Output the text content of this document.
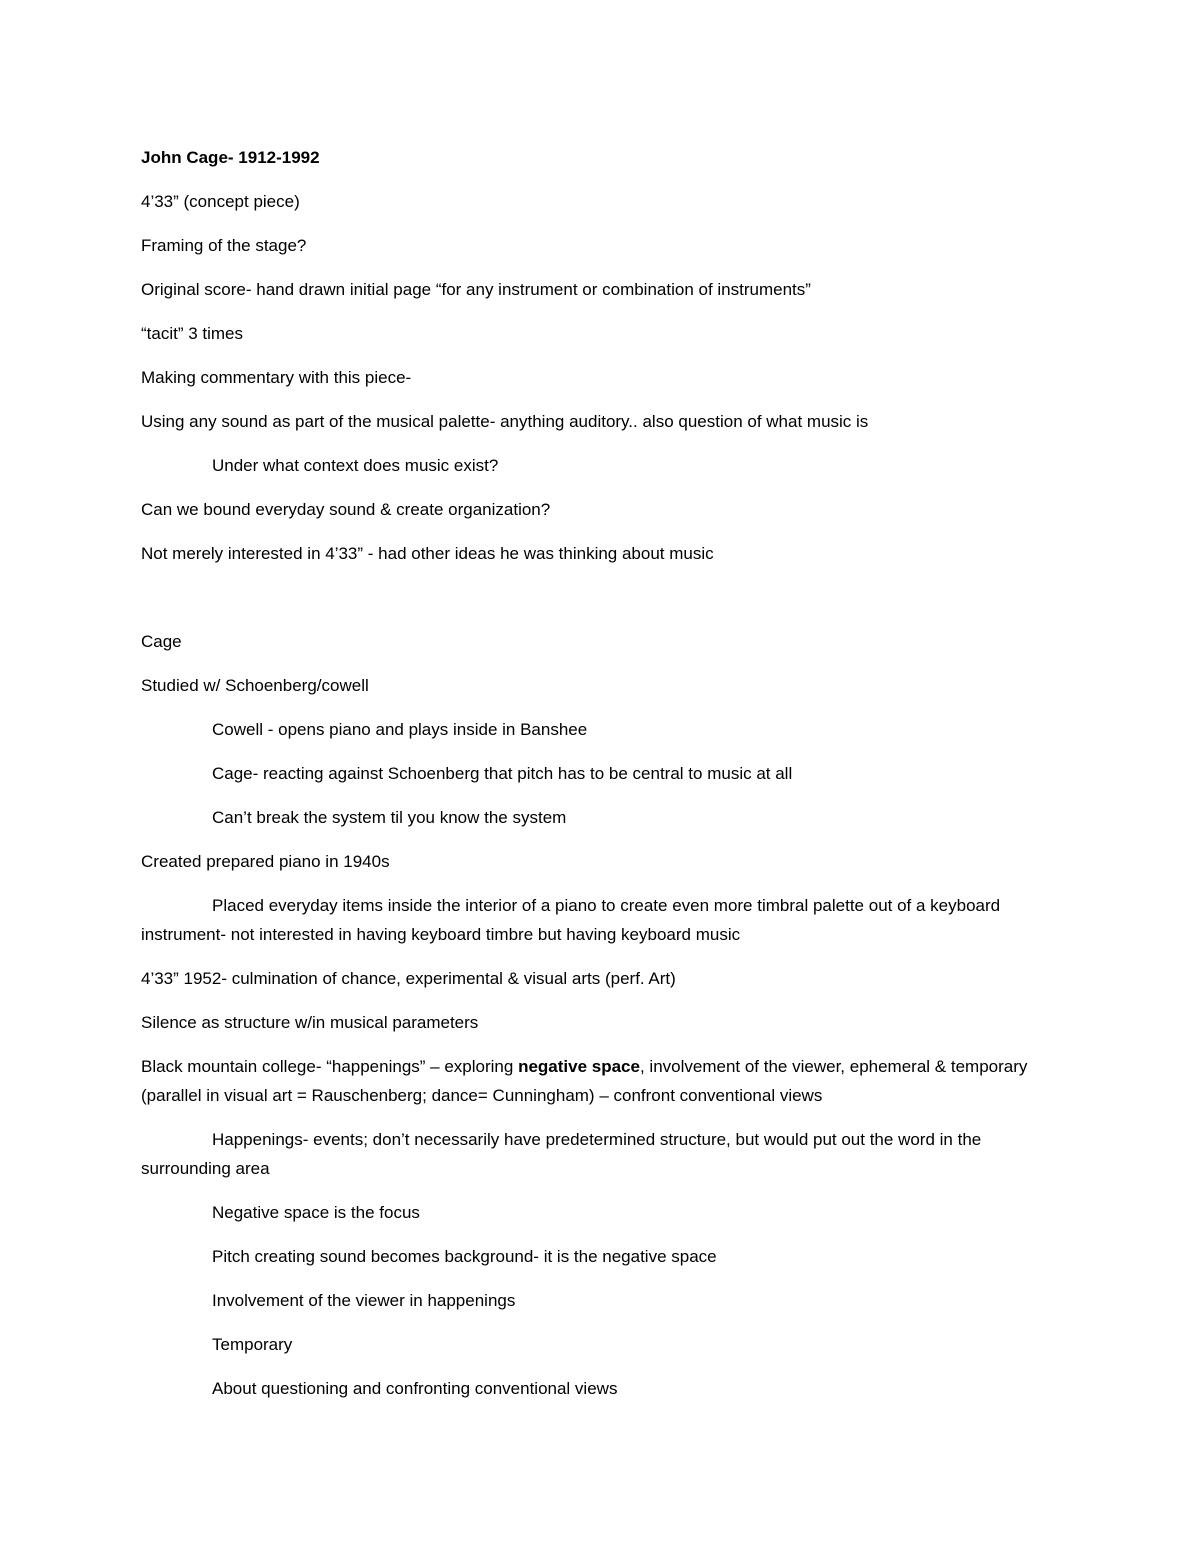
John Cage- 1912-1992
4’33” (concept piece)
Framing of the stage?
Original score- hand drawn initial page “for any instrument or combination of instruments”
“tacit” 3 times
Making commentary with this piece-
Using any sound as part of the musical palette- anything auditory.. also question of what music is
Under what context does music exist?
Can we bound everyday sound & create organization?
Not merely interested in 4’33” - had other ideas he was thinking about music
Cage
Studied w/ Schoenberg/cowell
Cowell - opens piano and plays inside in Banshee
Cage- reacting against Schoenberg that pitch has to be central to music at all
Can’t break the system til you know the system
Created prepared piano in 1940s
Placed everyday items inside the interior of a piano to create even more timbral palette out of a keyboard instrument- not interested in having keyboard timbre but having keyboard music
4’33” 1952- culmination of chance, experimental & visual arts (perf. Art)
Silence as structure w/in musical parameters
Black mountain college- “happenings” – exploring negative space, involvement of the viewer, ephemeral & temporary (parallel in visual art = Rauschenberg; dance= Cunningham) – confront conventional views
Happenings- events; don’t necessarily have predetermined structure, but would put out the word in the surrounding area
Negative space is the focus
Pitch creating sound becomes background- it is the negative space
Involvement of the viewer in happenings
Temporary
About questioning and confronting conventional views
